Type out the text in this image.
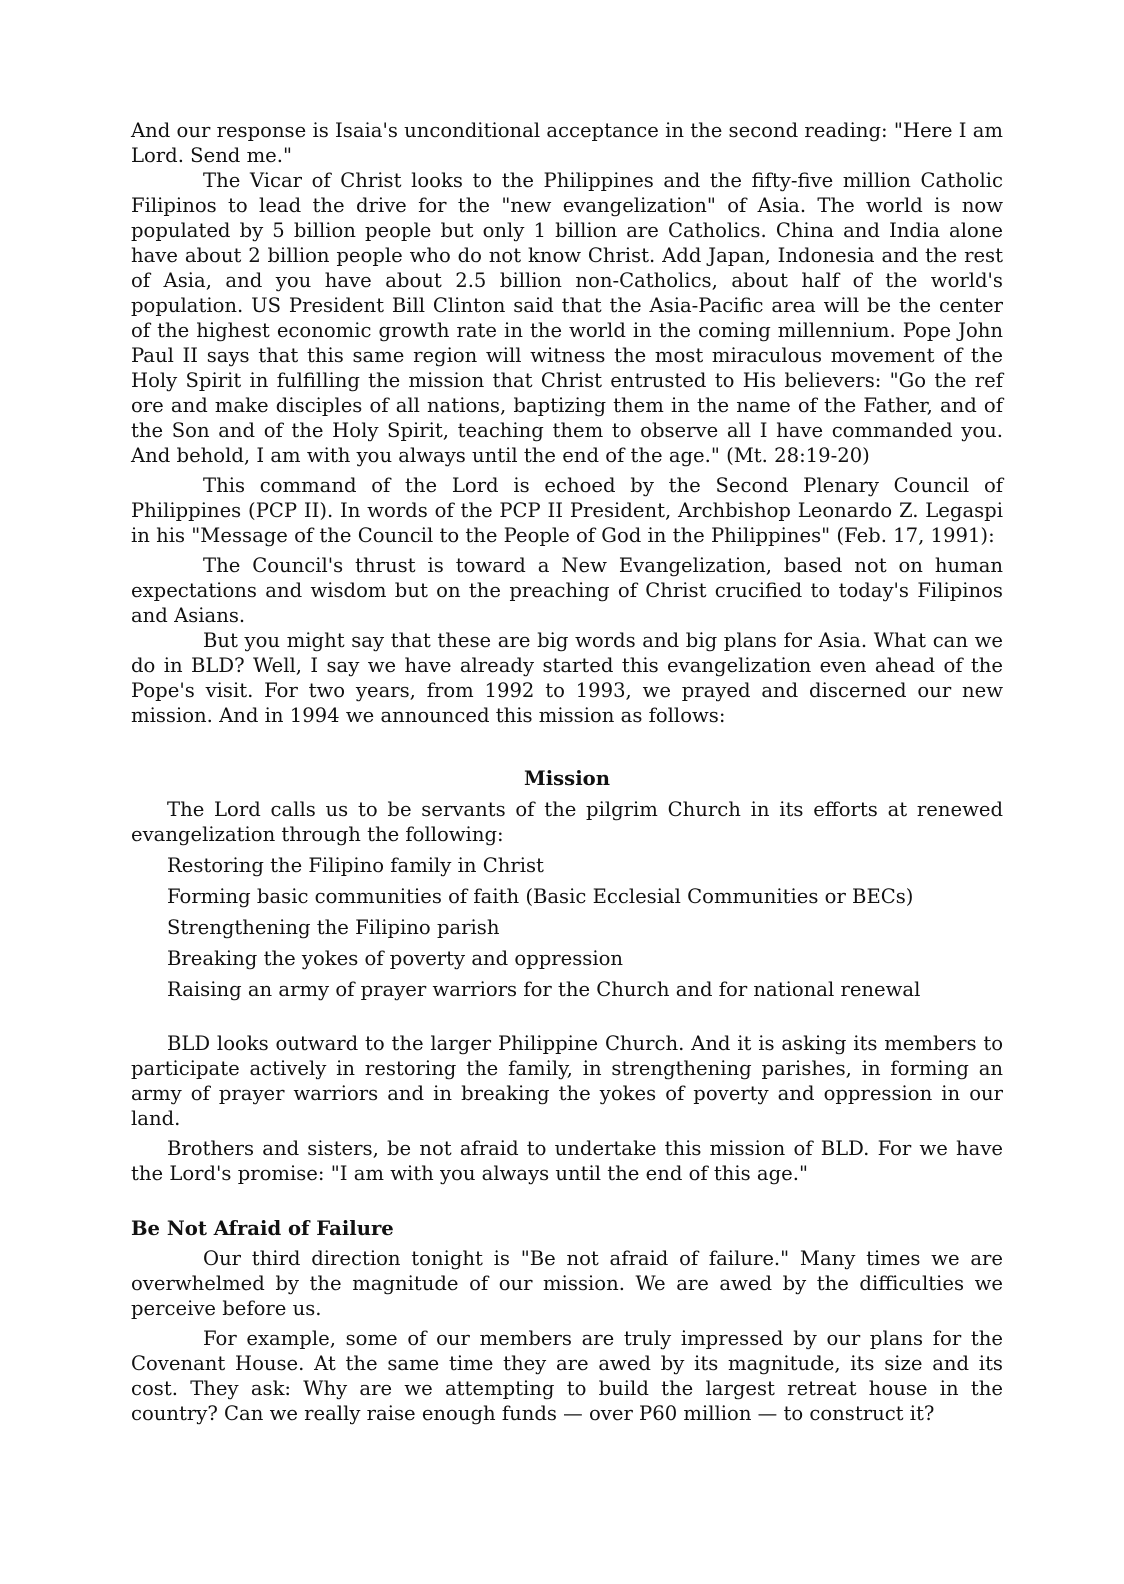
And our response is Isaia's unconditional acceptance in the second reading: "Here I am Lord. Send me."

The Vicar of Christ looks to the Philippines and the fifty-five million Catholic Filipinos to lead the drive for the "new evangelization" of Asia. The world is now populated by 5 billion people but only 1 billion are Catholics. China and India alone have about 2 billion people who do not know Christ. Add Japan, Indonesia and the rest of Asia, and you have about 2.5 billion non-Catholics, about half of the world's population. US President Bill Clinton said that the Asia-Pacific area will be the center of the highest economic growth rate in the world in the coming millennium. Pope John Paul II says that this same region will witness the most miraculous movement of the Holy Spirit in fulfilling the mission that Christ entrusted to His believers: "Go the ref ore and make disciples of all nations, baptizing them in the name of the Father, and of the Son and of the Holy Spirit, teaching them to observe all I have commanded you. And behold, I am with you always until the end of the age." (Mt. 28:19-20)

This command of the Lord is echoed by the Second Plenary Council of Philippines (PCP II). In words of the PCP II President, Archbishop Leonardo Z. Legaspi in his "Message of the Council to the People of God in the Philippines" (Feb. 17, 1991):

The Council's thrust is toward a New Evangelization, based not on human expectations and wisdom but on the preaching of Christ crucified to today's Filipinos and Asians.

But you might say that these are big words and big plans for Asia. What can we do in BLD? Well, I say we have already started this evangelization even ahead of the Pope's visit. For two years, from 1992 to 1993, we prayed and discerned our new mission. And in 1994 we announced this mission as follows:

Mission

The Lord calls us to be servants of the pilgrim Church in its efforts at renewed evangelization through the following:

Restoring the Filipino family in Christ
Forming basic communities of faith (Basic Ecclesial Communities or BECs)
Strengthening the Filipino parish
Breaking the yokes of poverty and oppression
Raising an army of prayer warriors for the Church and for national renewal

BLD looks outward to the larger Philippine Church. And it is asking its members to participate actively in restoring the family, in strengthening parishes, in forming an army of prayer warriors and in breaking the yokes of poverty and oppression in our land.

Brothers and sisters, be not afraid to undertake this mission of BLD. For we have the Lord's promise: "I am with you always until the end of this age."

Be Not Afraid of Failure

Our third direction tonight is "Be not afraid of failure." Many times we are overwhelmed by the magnitude of our mission. We are awed by the difficulties we perceive before us.

For example, some of our members are truly impressed by our plans for the Covenant House. At the same time they are awed by its magnitude, its size and its cost. They ask: Why are we attempting to build the largest retreat house in the country? Can we really raise enough funds — over P60 million — to construct it?
